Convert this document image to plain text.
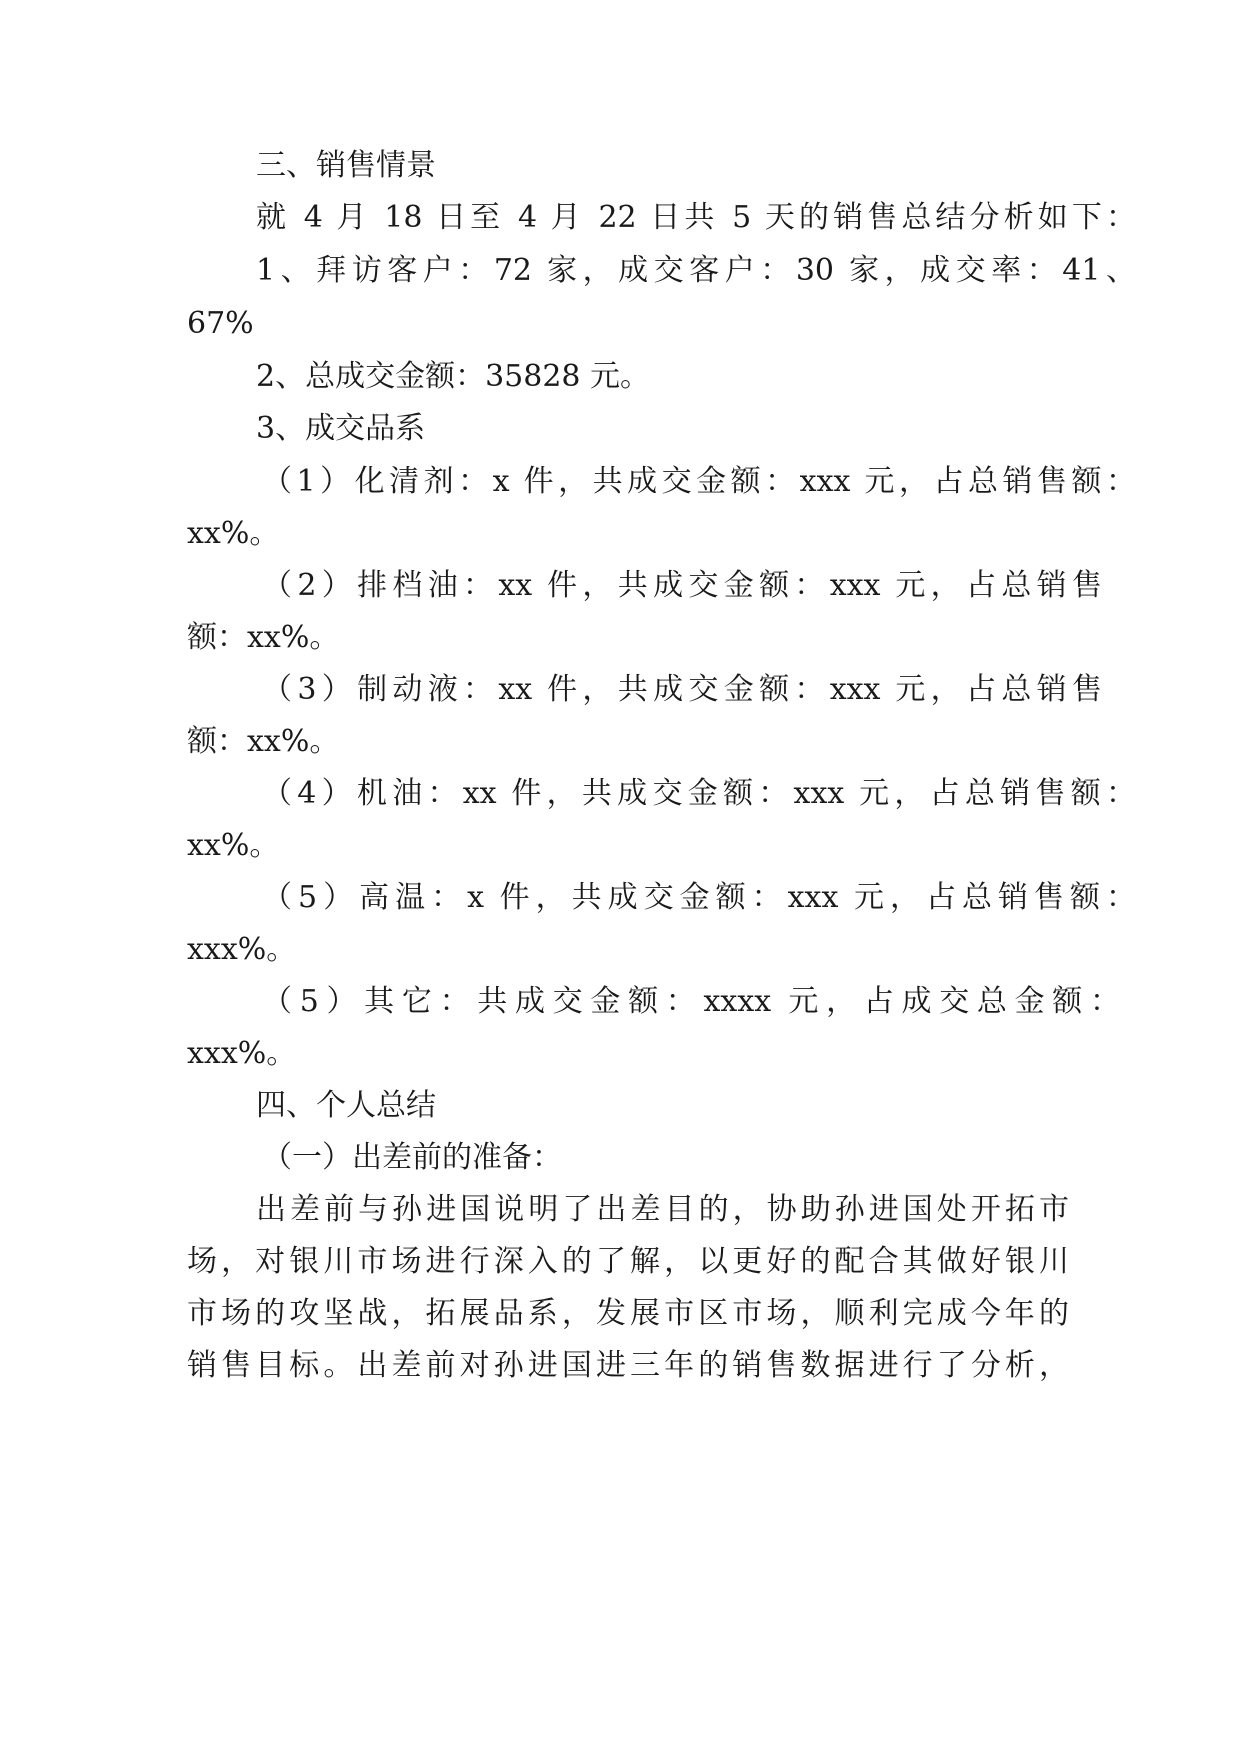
三、销售情景
就 4 月 18 日至 4 月 22 日共 5 天的销售总结分析如下：
1、拜访客户：72 家，成交客户：30 家，成交率：41、
67%
2、总成交金额：35828 元。
3、成交品系
（1）化清剂：x 件，共成交金额：xxx 元，占总销售额：
xx%。
（2）排档油：xx 件，共成交金额：xxx 元，占总销售
额：xx%。
（3）制动液：xx 件，共成交金额：xxx 元，占总销售
额：xx%。
（4）机油：xx 件，共成交金额：xxx 元，占总销售额：
xx%。
（5）高温：x 件，共成交金额：xxx 元，占总销售额：
xxx%。
（5）其它：共成交金额：xxxx 元，占成交总金额：
xxx%。
四、个人总结
（一）出差前的准备：
出差前与孙进国说明了出差目的，协助孙进国处开拓市
场，对银川市场进行深入的了解，以更好的配合其做好银川
市场的攻坚战，拓展品系，发展市区市场，顺利完成今年的
销售目标。出差前对孙进国进三年的销售数据进行了分析，
